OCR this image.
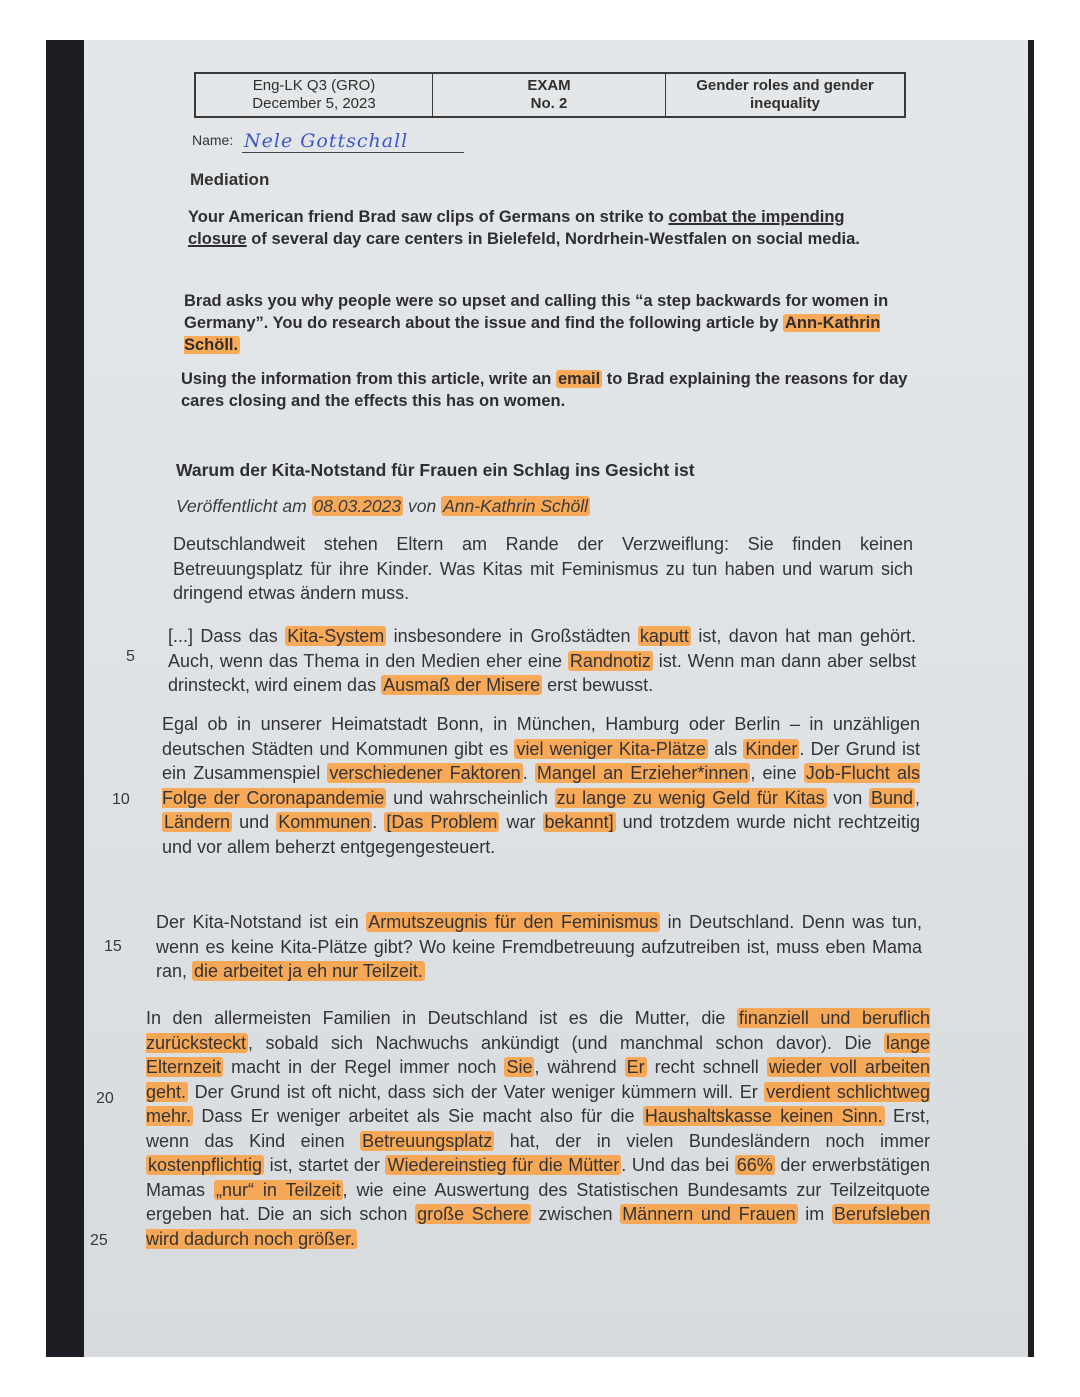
Eng-LK Q3 (GRO)
December 5, 2023
EXAM
No. 2
Gender roles and gender
inequality
Name: Nele Gottschall
Mediation
Your American friend Brad saw clips of Germans on strike to combat the impending closure of several day care centers in Bielefeld, Nordrhein-Westfalen on social media.
Brad asks you why people were so upset and calling this “a step backwards for women in Germany”. You do research about the issue and find the following article by Ann-Kathrin Schöll.
Using the information from this article, write an email to Brad explaining the reasons for day cares closing and the effects this has on women.
Warum der Kita-Notstand für Frauen ein Schlag ins Gesicht ist
Veröffentlicht am 08.03.2023 von Ann-Kathrin Schöll
Deutschlandweit stehen Eltern am Rande der Verzweiflung: Sie finden keinen Betreuungsplatz für ihre Kinder. Was Kitas mit Feminismus zu tun haben und warum sich dringend etwas ändern muss.
[...] Dass das Kita-System insbesondere in Großstädten kaputt ist, davon hat man gehört. Auch, wenn das Thema in den Medien eher eine Randnotiz ist. Wenn man dann aber selbst drinsteckt, wird einem das Ausmaß der Misere erst bewusst.
Egal ob in unserer Heimatstadt Bonn, in München, Hamburg oder Berlin – in unzähligen deutschen Städten und Kommunen gibt es viel weniger Kita-Plätze als Kinder . Der Grund ist ein Zusammenspiel verschiedener Faktoren . Mangel an Erzieher*innen , eine Job-Flucht als Folge der Coronapandemie und wahrscheinlich zu lange zu wenig Geld für Kitas von Bund , Ländern und Kommunen . [Das Problem war bekannt] und trotzdem wurde nicht rechtzeitig und vor allem beherzt entgegengesteuert.
Der Kita-Notstand ist ein Armutszeugnis für den Feminismus in Deutschland. Denn was tun, wenn es keine Kita-Plätze gibt? Wo keine Fremdbetreuung aufzutreiben ist, muss eben Mama ran, die arbeitet ja eh nur Teilzeit.
In den allermeisten Familien in Deutschland ist es die Mutter, die finanziell und beruflich zurücksteckt , sobald sich Nachwuchs ankündigt (und manchmal schon davor). Die lange Elternzeit macht in der Regel immer noch Sie , während Er recht schnell wieder voll arbeiten geht. Der Grund ist oft nicht, dass sich der Vater weniger kümmern will. Er verdient schlichtweg mehr. Dass Er weniger arbeitet als Sie macht also für die Haushaltskasse keinen Sinn. Erst, wenn das Kind einen Betreuungsplatz hat, der in vielen Bundesländern noch immer kostenpflichtig ist, startet der Wiedereinstieg für die Mütter . Und das bei 66% der erwerbstätigen Mamas „nur“ in Teilzeit , wie eine Auswertung des Statistischen Bundesamts zur Teilzeitquote ergeben hat. Die an sich schon große Schere zwischen Männern und Frauen im Berufsleben wird dadurch noch größer.
5
10
15
20
25
